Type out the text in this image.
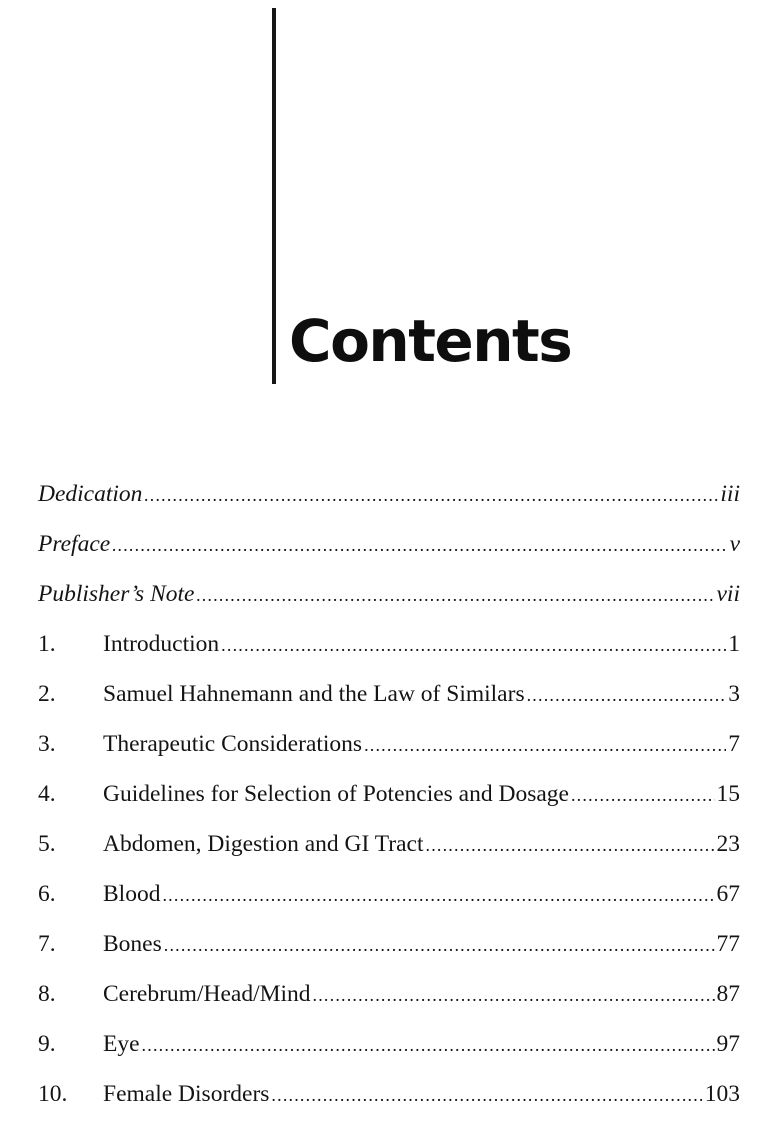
Contents
Dedication .....	iii
Preface .....	v
Publisher’s Note .....	vii
1.	Introduction .....	1
2.	Samuel Hahnemann and the Law of Similars .....	3
3.	Therapeutic Considerations .....	7
4.	Guidelines for Selection of Potencies and Dosage .....	15
5.	Abdomen, Digestion and GI Tract .....	23
6.	Blood .....	67
7.	Bones .....	77
8.	Cerebrum/Head/Mind .....	87
9.	Eye .....	97
10.	Female Disorders .....	103
